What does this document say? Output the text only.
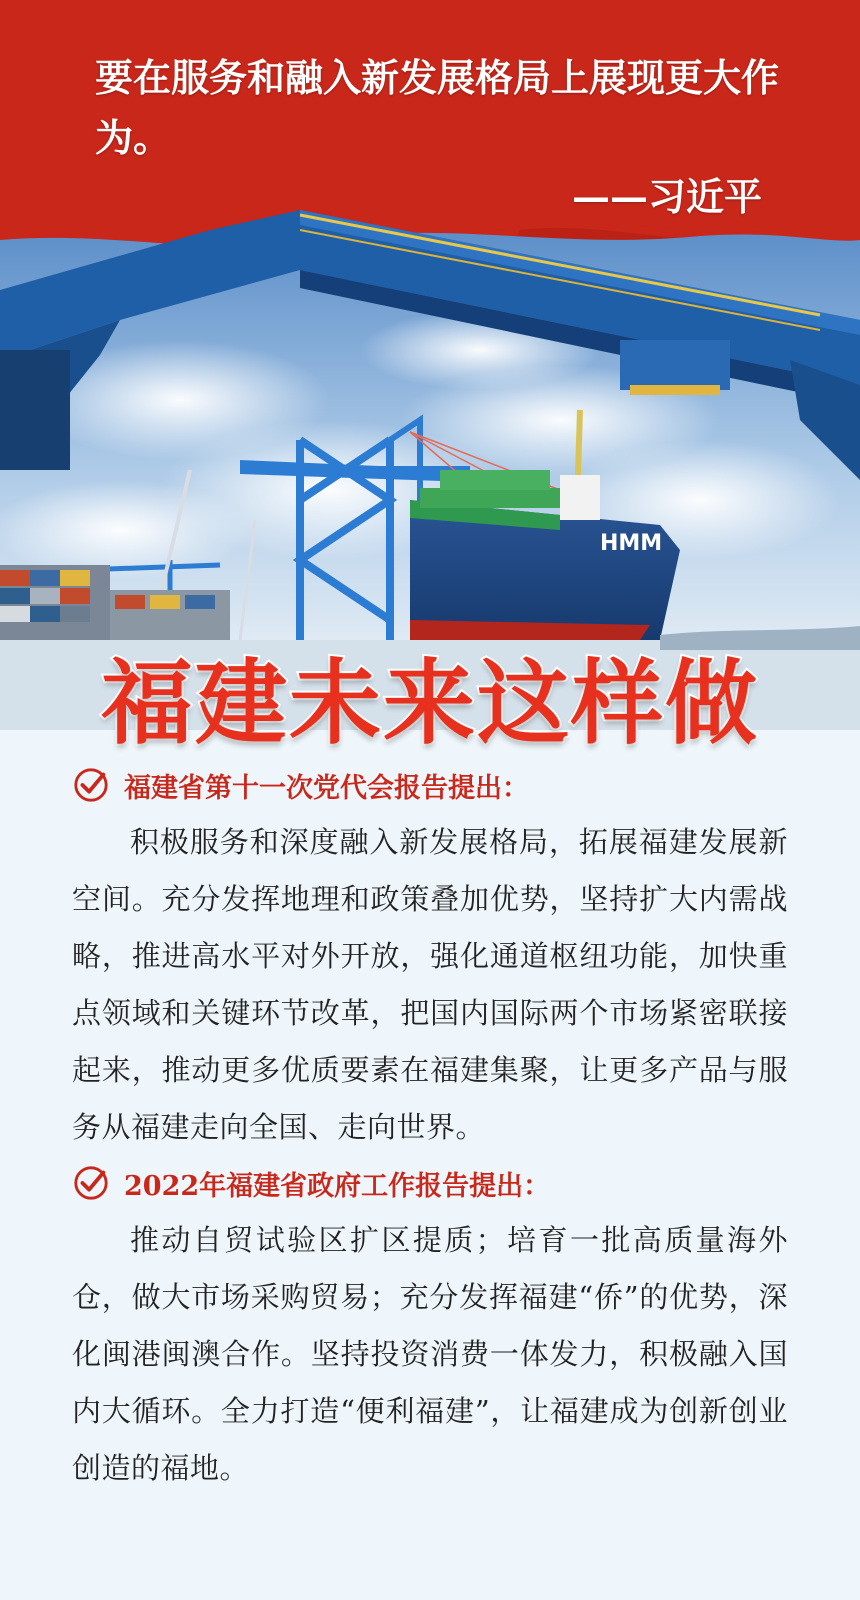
要在服务和融入新发展格局上展现更大作为。
——习近平
HMM
福建未来这样做
福建省第十一次党代会报告提出：

积极服务和深度融入新发展格局，拓展福建发展新空间。充分发挥地理和政策叠加优势，坚持扩大内需战略，推进高水平对外开放，强化通道枢纽功能，加快重点领域和关键环节改革，把国内国际两个市场紧密联接起来，推动更多优质要素在福建集聚，让更多产品与服务从福建走向全国、走向世界。

2022年福建省政府工作报告提出：

推动自贸试验区扩区提质；培育一批高质量海外仓，做大市场采购贸易；充分发挥福建“侨”的优势，深化闽港闽澳合作。坚持投资消费一体发力，积极融入国内大循环。全力打造“便利福建”，让福建成为创新创业创造的福地。
